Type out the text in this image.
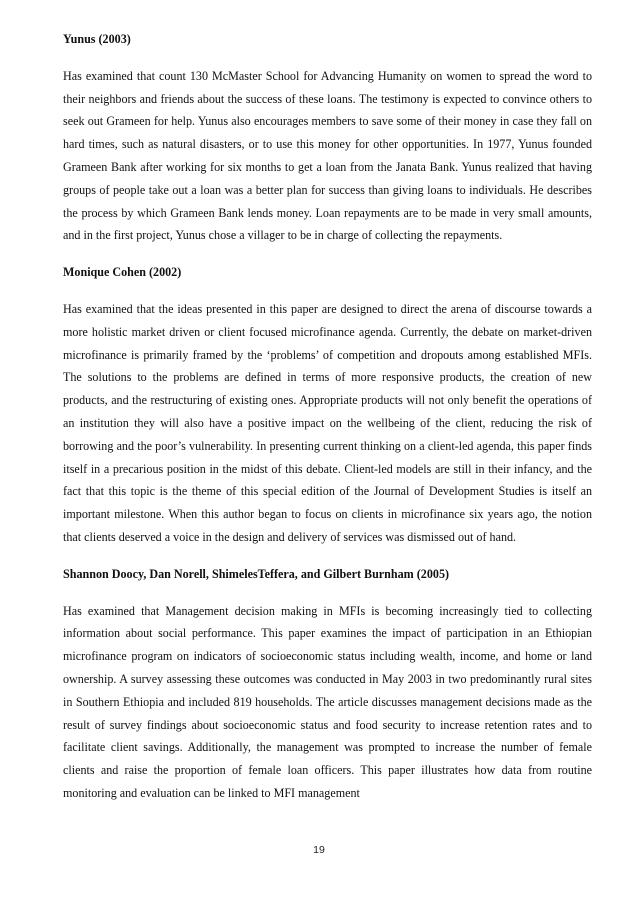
Yunus (2003)
Has examined that count 130 McMaster School for Advancing Humanity on women to spread the word to their neighbors and friends about the success of these loans. The testimony is expected to convince others to seek out Grameen for help. Yunus also encourages members to save some of their money in case they fall on hard times, such as natural disasters, or to use this money for other opportunities. In 1977, Yunus founded Grameen Bank after working for six months to get a loan from the Janata Bank. Yunus realized that having groups of people take out a loan was a better plan for success than giving loans to individuals. He describes the process by which Grameen Bank lends money. Loan repayments are to be made in very small amounts, and in the first project, Yunus chose a villager to be in charge of collecting the repayments.
Monique Cohen (2002)
Has examined that the ideas presented in this paper are designed to direct the arena of discourse towards a more holistic market driven or client focused microfinance agenda. Currently, the debate on market-driven microfinance is primarily framed by the ‘problems’ of competition and dropouts among established MFIs. The solutions to the problems are defined in terms of more responsive products, the creation of new products, and the restructuring of existing ones. Appropriate products will not only benefit the operations of an institution they will also have a positive impact on the wellbeing of the client, reducing the risk of borrowing and the poor’s vulnerability. In presenting current thinking on a client-led agenda, this paper finds itself in a precarious position in the midst of this debate. Client-led models are still in their infancy, and the fact that this topic is the theme of this special edition of the Journal of Development Studies is itself an important milestone. When this author began to focus on clients in microfinance six years ago, the notion that clients deserved a voice in the design and delivery of services was dismissed out of hand.
Shannon Doocy, Dan Norell, ShimelesTeffera, and Gilbert Burnham (2005)
Has examined that Management decision making in MFIs is becoming increasingly tied to collecting information about social performance. This paper examines the impact of participation in an Ethiopian microfinance program on indicators of socioeconomic status including wealth, income, and home or land ownership. A survey assessing these outcomes was conducted in May 2003 in two predominantly rural sites in Southern Ethiopia and included 819 households. The article discusses management decisions made as the result of survey findings about socioeconomic status and food security to increase retention rates and to facilitate client savings. Additionally, the management was prompted to increase the number of female clients and raise the proportion of female loan officers. This paper illustrates how data from routine monitoring and evaluation can be linked to MFI management
19
